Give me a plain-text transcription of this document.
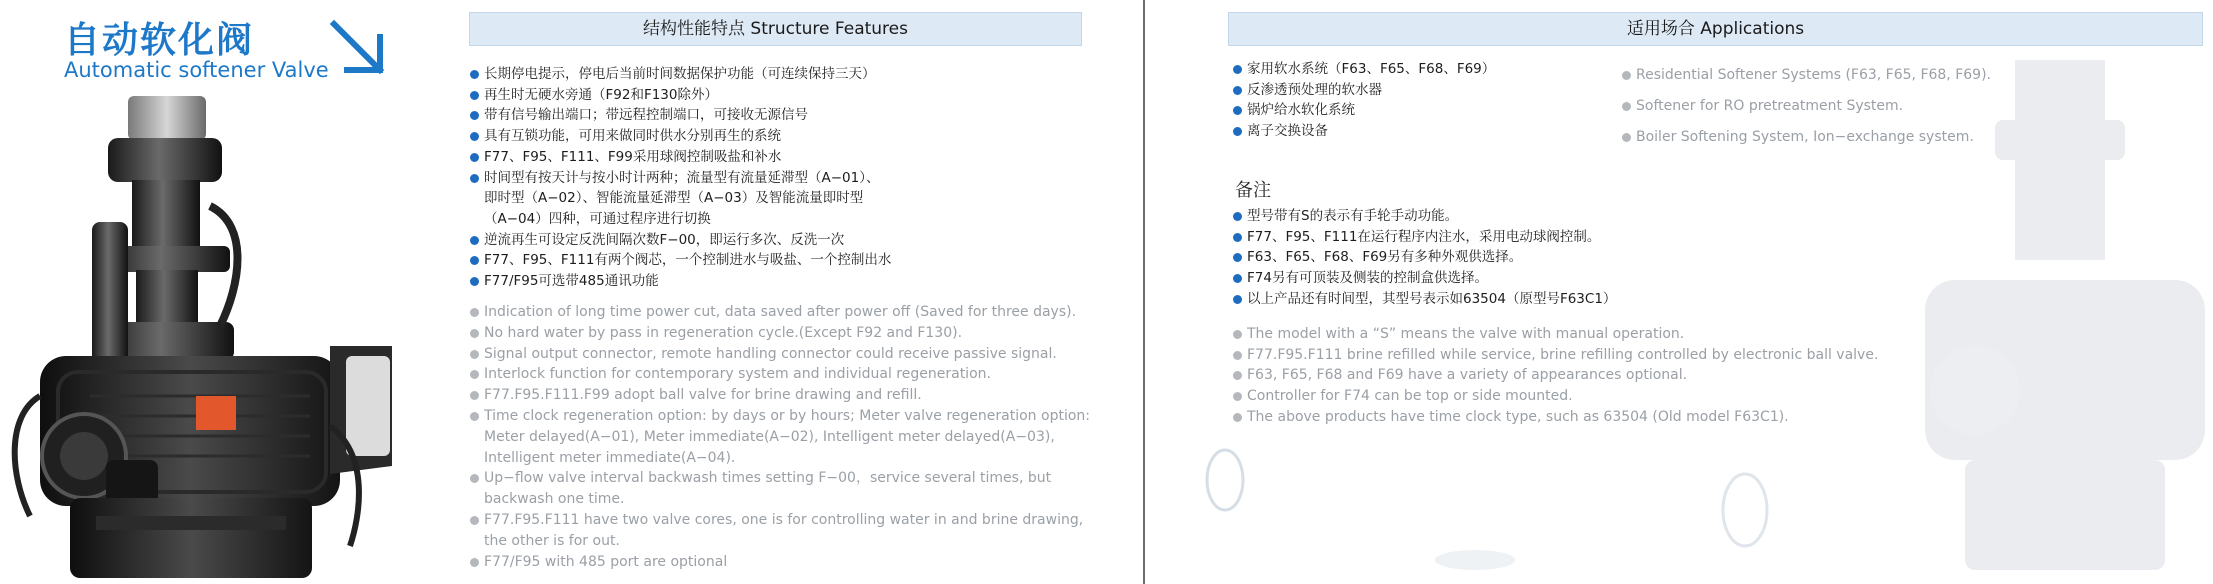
自动软化阀
Automatic softener Valve
结构性能特点 Structure Features
长期停电提示，停电后当前时间数据保护功能（可连续保持三天）
再生时无硬水旁通（F92和F130除外）
带有信号输出端口；带远程控制端口，可接收无源信号
具有互锁功能，可用来做同时供水分别再生的系统
F77、F95、F111、F99采用球阀控制吸盐和补水
时间型有按天计与按小时计两种；流量型有流量延滞型（A−01）、
即时型（A−02）、智能流量延滞型（A−03）及智能流量即时型
（A−04）四种，可通过程序进行切换
逆流再生可设定反洗间隔次数F−00，即运行多次、反洗一次
F77、F95、F111有两个阀芯，一个控制进水与吸盐、一个控制出水
F77/F95可选带485通讯功能
Indication of long time power cut, data saved after power off (Saved for three days).
No hard water by pass in regeneration cycle.(Except F92 and F130).
Signal output connector, remote handling connector could receive passive signal.
Interlock function for contemporary system and individual regeneration.
F77.F95.F111.F99 adopt ball valve for brine drawing and refill.
Time clock regeneration option: by days or by hours; Meter valve regeneration option:
Meter delayed(A−01), Meter immediate(A−02), Intelligent meter delayed(A−03),
Intelligent meter immediate(A−04).
Up−flow valve interval backwash times setting F−00，service several times, but
backwash one time.
F77.F95.F111 have two valve cores, one is for controlling water in and brine drawing,
the other is for out.
F77/F95 with 485 port are optional
适用场合 Applications
家用软水系统（F63、F65、F68、F69）
反渗透预处理的软水器
锅炉给水软化系统
离子交换设备
Residential Softener Systems (F63, F65, F68, F69).
Softener for RO pretreatment System.
Boiler Softening System, Ion−exchange system.
备注
型号带有S的表示有手轮手动功能。
F77、F95、F111在运行程序内注水，采用电动球阀控制。
F63、F65、F68、F69另有多种外观供选择。
F74另有可顶装及侧装的控制盒供选择。
以上产品还有时间型，其型号表示如63504（原型号F63C1）
The model with a “S” means the valve with manual operation.
F77.F95.F111 brine refilled while service, brine refilling controlled by electronic ball valve.
F63, F65, F68 and F69 have a variety of appearances optional.
Controller for F74 can be top or side mounted.
The above products have time clock type, such as 63504 (Old model F63C1).
